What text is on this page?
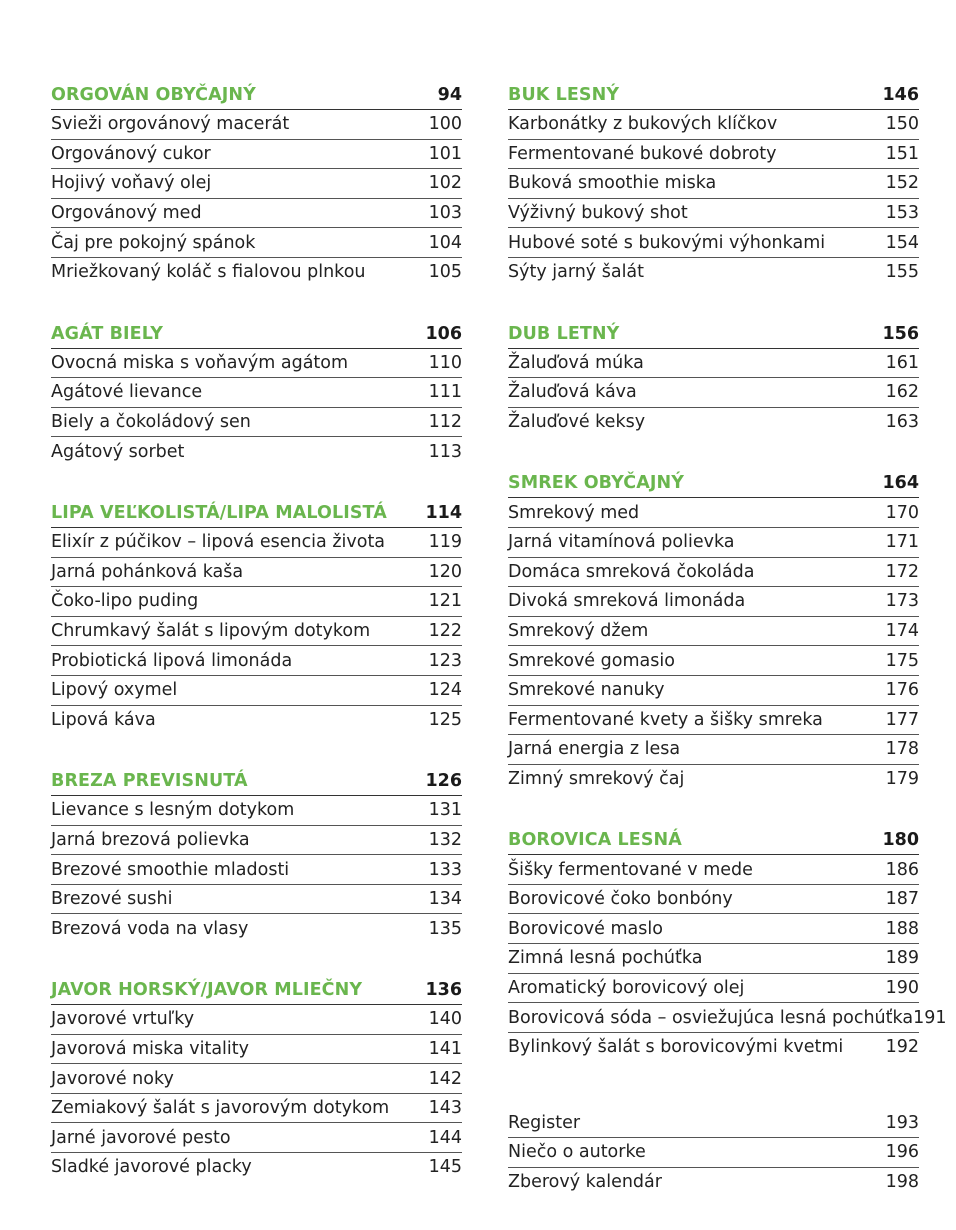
ORGOVÁN OBYČAJNÝ	94
Svieži orgovánový macerát	100
Orgovánový cukor	101
Hojivý voňavý olej	102
Orgovánový med	103
Čaj pre pokojný spánok	104
Mriežkovaný koláč s fialovou plnkou	105
AGÁT BIELY	106
Ovocná miska s voňavým agátom	110
Agátové lievance	111
Biely a čokoládový sen	112
Agátový sorbet	113
LIPA VEĽKOLISTÁ/LIPA MALOLISTÁ 114
Elixír z púčikov – lipová esencia života 119
Jarná pohánková kaša	120
Čoko-lipo puding	121
Chrumkavý šalát s lipovým dotykom	122
Probiotická lipová limonáda	123
Lipový oxymel	124
Lipová káva	125
BREZA PREVISNUTÁ	126
Lievance s lesným dotykom	131
Jarná brezová polievka	132
Brezové smoothie mladosti	133
Brezové sushi	134
Brezová voda na vlasy	135
JAVOR HORSKÝ/JAVOR MLIEČNY	136
Javorové vrtuľky	140
Javorová miska vitality	141
Javorové noky	142
Zemiakový šalát s javorovým dotykom 143
Jarné javorové pesto	144
Sladké javorové placky	145
BUK LESNÝ	146
Karbonátky z bukových klíčkov	150
Fermentované bukové dobroty	151
Buková smoothie miska	152
Výživný bukový shot	153
Hubové soté s bukovými výhonkami	154
Sýty jarný šalát	155
DUB LETNÝ	156
Žaluďová múka	161
Žaluďová káva	162
Žaluďové keksy	163
SMREK OBYČAJNÝ	164
Smrekový med	170
Jarná vitamínová polievka	171
Domáca smreková čokoláda	172
Divoká smreková limonáda	173
Smrekový džem	174
Smrekové gomasio	175
Smrekové nanuky	176
Fermentované kvety a šišky smreka	177
Jarná energia z lesa	178
Zimný smrekový čaj	179
BOROVICA LESNÁ	180
Šišky fermentované v mede	186
Borovicové čoko bonbóny	187
Borovicové maslo	188
Zimná lesná pochúťka	189
Aromatický borovicový olej	190
Borovicová sóda – osviežujúca lesná pochúťka 191
Bylinkový šalát s borovicovými kvetmi 192
Register	193
Niečo o autorke	196
Zberový kalendár	198
